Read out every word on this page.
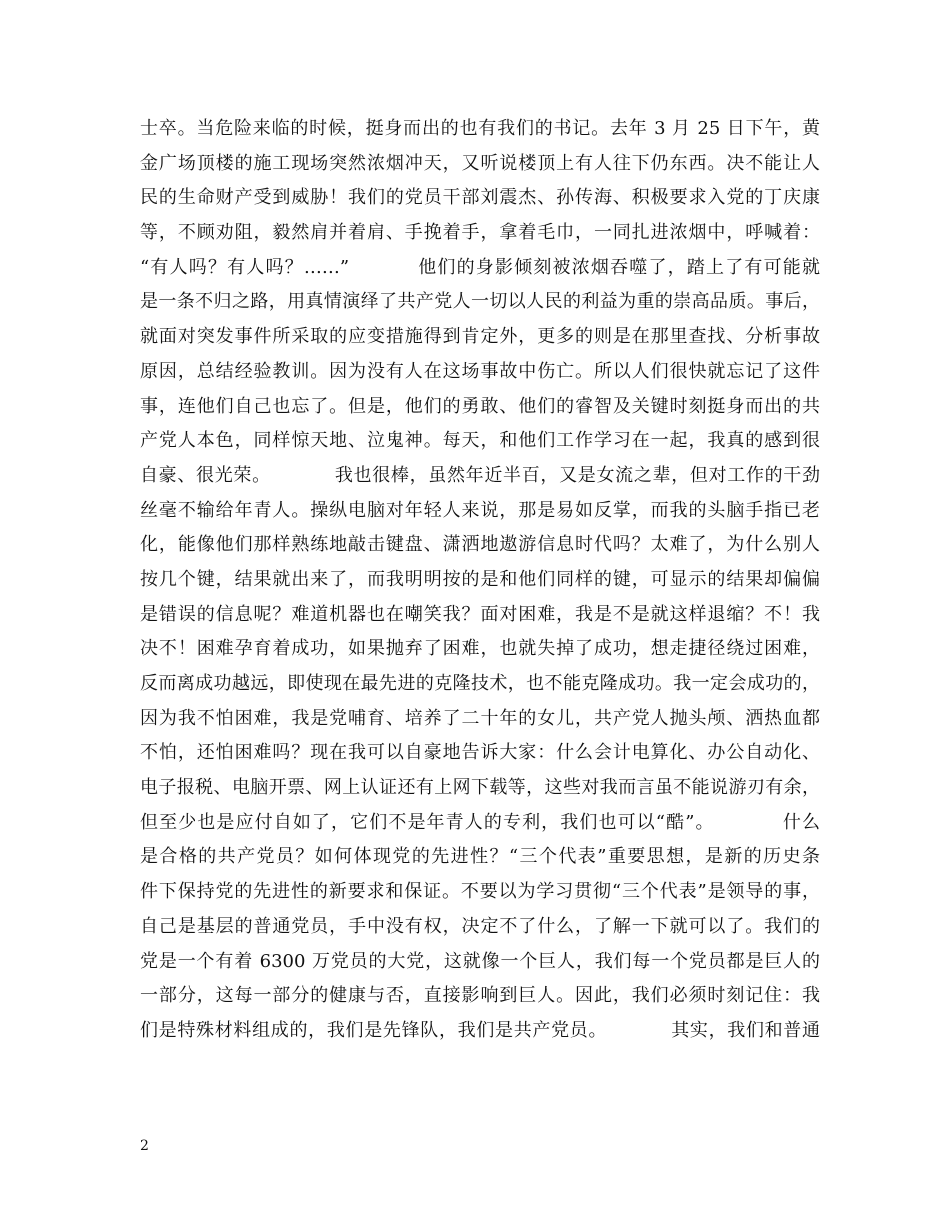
士卒。当危险来临的时候，挺身而出的也有我们的书记。去年 3 月 25 日下午，黄
金广场顶楼的施工现场突然浓烟冲天，又听说楼顶上有人往下仍东西。决不能让人
民的生命财产受到威胁！我们的党员干部刘震杰、孙传海、积极要求入党的丁庆康
等，不顾劝阻，毅然肩并着肩、手挽着手，拿着毛巾，一同扎进浓烟中，呼喊着：
“有人吗？有人吗？……”          他们的身影倾刻被浓烟吞噬了，踏上了有可能就
是一条不归之路，用真情演绎了共产党人一切以人民的利益为重的崇高品质。事后，
就面对突发事件所采取的应变措施得到肯定外，更多的则是在那里查找、分析事故
原因，总结经验教训。因为没有人在这场事故中伤亡。所以人们很快就忘记了这件
事，连他们自己也忘了。但是，他们的勇敢、他们的睿智及关键时刻挺身而出的共
产党人本色，同样惊天地、泣鬼神。每天，和他们工作学习在一起，我真的感到很
自豪、很光荣。          我也很棒，虽然年近半百，又是女流之辈，但对工作的干劲
丝毫不输给年青人。操纵电脑对年轻人来说，那是易如反掌，而我的头脑手指已老
化，能像他们那样熟练地敲击键盘、潇洒地遨游信息时代吗？太难了，为什么别人
按几个键，结果就出来了，而我明明按的是和他们同样的键，可显示的结果却偏偏
是错误的信息呢？难道机器也在嘲笑我？面对困难，我是不是就这样退缩？不！我
决不！困难孕育着成功，如果抛弃了困难，也就失掉了成功，想走捷径绕过困难，
反而离成功越远，即使现在最先进的克隆技术，也不能克隆成功。我一定会成功的，
因为我不怕困难，我是党哺育、培养了二十年的女儿，共产党人抛头颅、洒热血都
不怕，还怕困难吗？现在我可以自豪地告诉大家：什么会计电算化、办公自动化、
电子报税、电脑开票、网上认证还有上网下载等，这些对我而言虽不能说游刃有余，
但至少也是应付自如了，它们不是年青人的专利，我们也可以“酷”。          什么
是合格的共产党员？如何体现党的先进性？“三个代表”重要思想，是新的历史条
件下保持党的先进性的新要求和保证。不要以为学习贯彻“三个代表”是领导的事，
自己是基层的普通党员，手中没有权，决定不了什么，了解一下就可以了。我们的
党是一个有着 6300 万党员的大党，这就像一个巨人，我们每一个党员都是巨人的
一部分，这每一部分的健康与否，直接影响到巨人。因此，我们必须时刻记住：我
们是特殊材料组成的，我们是先锋队，我们是共产党员。          其实，我们和普通
2
